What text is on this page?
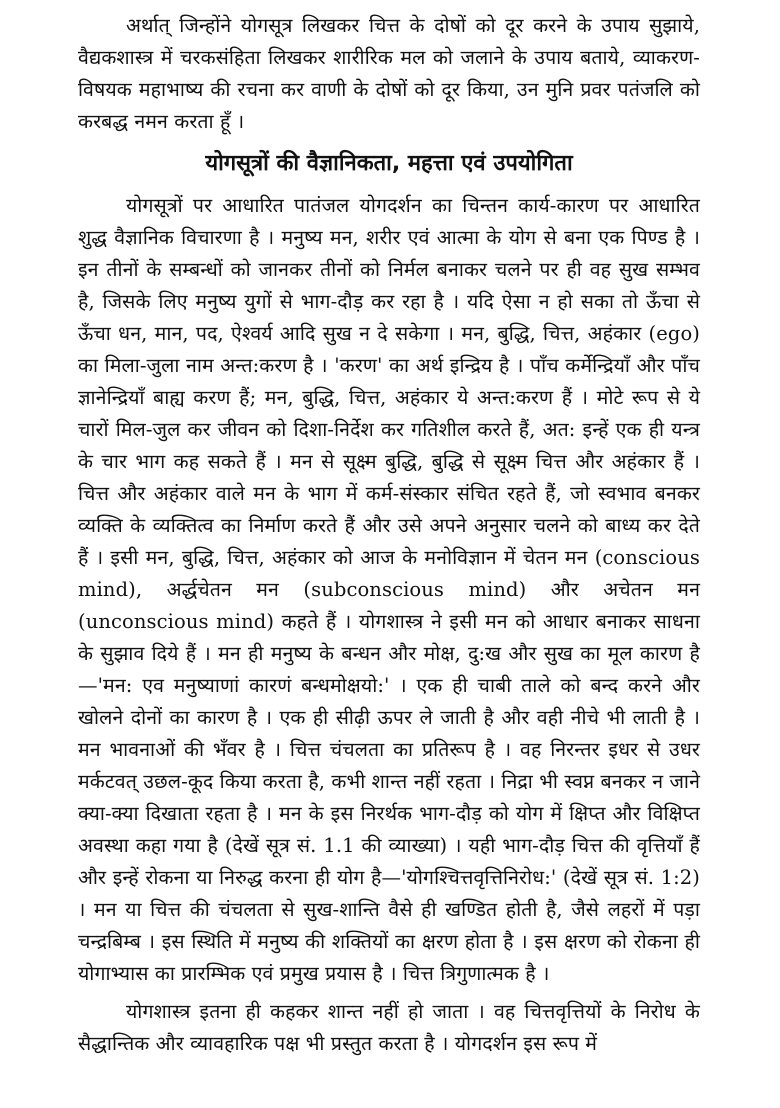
अर्थात् जिन्होंने योगसूत्र लिखकर चित्त के दोषों को दूर करने के उपाय सुझाये, वैद्यकशास्त्र में चरकसंहिता लिखकर शारीरिक मल को जलाने के उपाय बताये, व्याकरण-विषयक महाभाष्य की रचना कर वाणी के दोषों को दूर किया, उन मुनि प्रवर पतंजलि को करबद्ध नमन करता हूँ ।

योगसूत्रों की वैज्ञानिकता, महत्ता एवं उपयोगिता

योगसूत्रों पर आधारित पातंजल योगदर्शन का चिन्तन कार्य-कारण पर आधारित शुद्ध वैज्ञानिक विचारणा है । मनुष्य मन, शरीर एवं आत्मा के योग से बना एक पिण्ड है । इन तीनों के सम्बन्धों को जानकर तीनों को निर्मल बनाकर चलने पर ही वह सुख सम्भव है, जिसके लिए मनुष्य युगों से भाग-दौड़ कर रहा है । यदि ऐसा न हो सका तो ऊँचा से ऊँचा धन, मान, पद, ऐश्वर्य आदि सुख न दे सकेगा । मन, बुद्धि, चित्त, अहंकार (ego) का मिला-जुला नाम अन्त:करण है । 'करण' का अर्थ इन्द्रिय है । पाँच कर्मेन्द्रियाँ और पाँच ज्ञानेन्द्रियाँ बाह्य करण हैं; मन, बुद्धि, चित्त, अहंकार ये अन्त:करण हैं । मोटे रूप से ये चारों मिल-जुल कर जीवन को दिशा-निर्देश कर गतिशील करते हैं, अत: इन्हें एक ही यन्त्र के चार भाग कह सकते हैं । मन से सूक्ष्म बुद्धि, बुद्धि से सूक्ष्म चित्त और अहंकार हैं । चित्त और अहंकार वाले मन के भाग में कर्म-संस्कार संचित रहते हैं, जो स्वभाव बनकर व्यक्ति के व्यक्तित्व का निर्माण करते हैं और उसे अपने अनुसार चलने को बाध्य कर देते हैं । इसी मन, बुद्धि, चित्त, अहंकार को आज के मनोविज्ञान में चेतन मन (conscious mind), अर्द्धचेतन मन (subconscious mind) और अचेतन मन (unconscious mind) कहते हैं । योगशास्त्र ने इसी मन को आधार बनाकर साधना के सुझाव दिये हैं । मन ही मनुष्य के बन्धन और मोक्ष, दु:ख और सुख का मूल कारण है—'मन: एव मनुष्याणां कारणं बन्धमोक्षयो:' । एक ही चाबी ताले को बन्द करने और खोलने दोनों का कारण है । एक ही सीढ़ी ऊपर ले जाती है और वही नीचे भी लाती है । मन भावनाओं की भँवर है । चित्त चंचलता का प्रतिरूप है । वह निरन्तर इधर से उधर मर्कटवत् उछल-कूद किया करता है, कभी शान्त नहीं रहता । निद्रा भी स्वप्न बनकर न जाने क्या-क्या दिखाता रहता है । मन के इस निरर्थक भाग-दौड़ को योग में क्षिप्त और विक्षिप्त अवस्था कहा गया है (देखें सूत्र सं. 1.1 की व्याख्या) । यही भाग-दौड़ चित्त की वृत्तियाँ हैं और इन्हें रोकना या निरुद्ध करना ही योग है—'योगश्चित्तवृत्तिनिरोध:' (देखें सूत्र सं. 1:2) । मन या चित्त की चंचलता से सुख-शान्ति वैसे ही खण्डित होती है, जैसे लहरों में पड़ा चन्द्रबिम्ब । इस स्थिति में मनुष्य की शक्तियों का क्षरण होता है । इस क्षरण को रोकना ही योगाभ्यास का प्रारम्भिक एवं प्रमुख प्रयास है । चित्त त्रिगुणात्मक है ।

योगशास्त्र इतना ही कहकर शान्त नहीं हो जाता । वह चित्तवृत्तियों के निरोध के सैद्धान्तिक और व्यावहारिक पक्ष भी प्रस्तुत करता है । योगदर्शन इस रूप में
